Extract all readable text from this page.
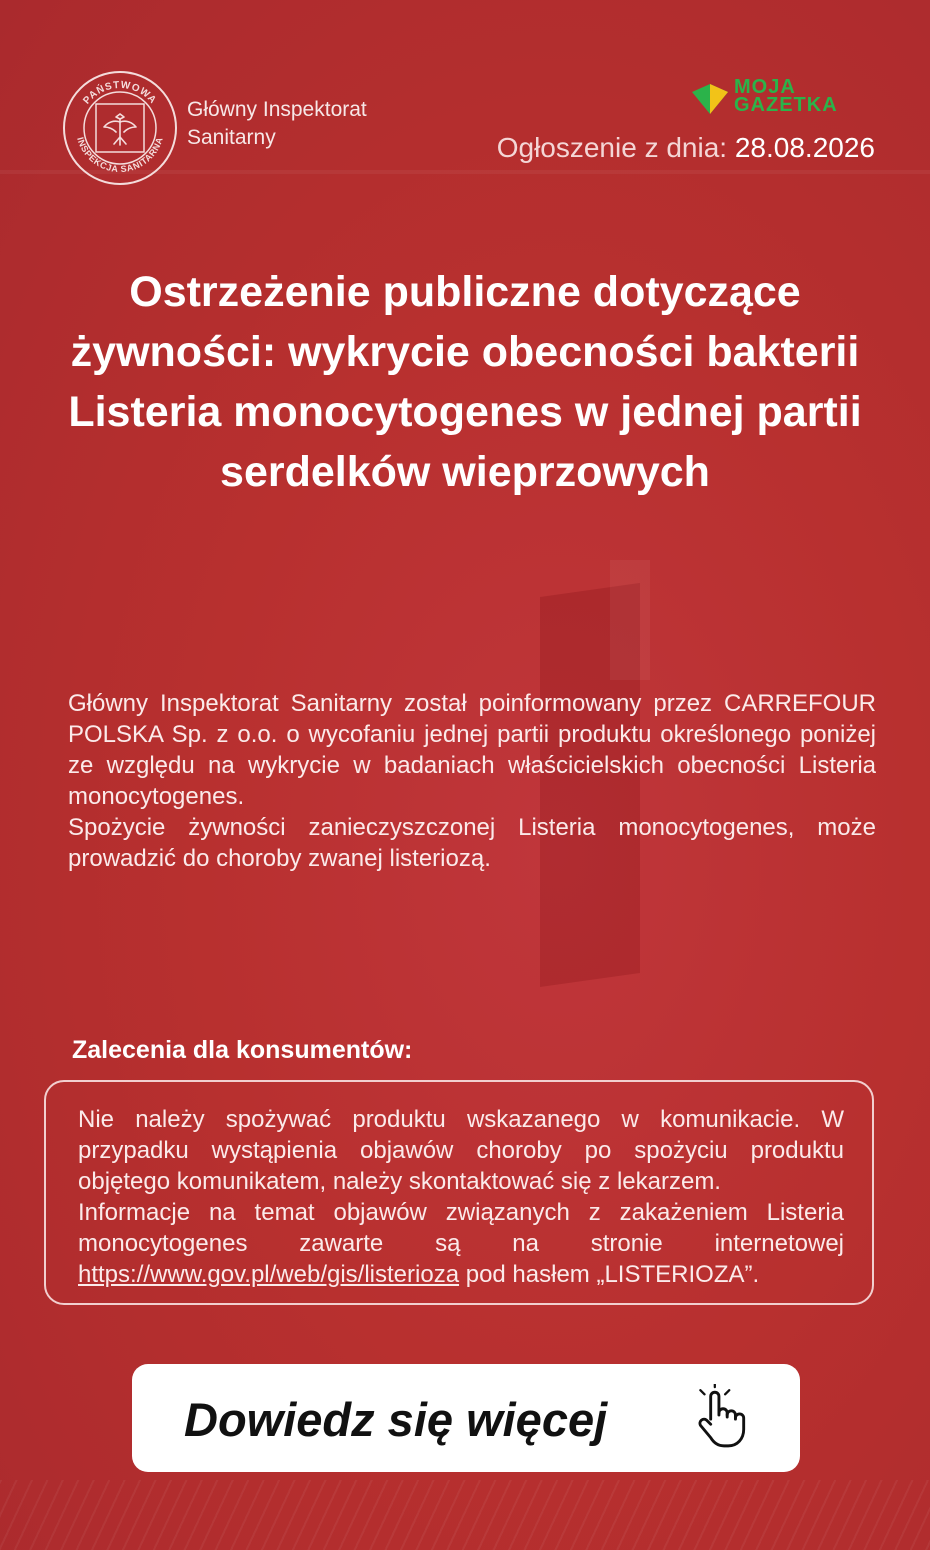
PAŃSTWOWA
INSPEKCJA SANITARNA
Główny Inspektorat
Sanitarny
MOJA
GAZETKA
Ogłoszenie z dnia: 28.08.2026
Ostrzeżenie publiczne dotyczące żywności: wykrycie obecności bakterii Listeria monocytogenes w jednej partii serdelków wieprzowych
Główny Inspektorat Sanitarny został poinformowany przez CARREFOUR POLSKA Sp. z o.o. o wycofaniu jednej partii produktu określonego poniżej ze względu na wykrycie w badaniach właścicielskich obecności Listeria monocytogenes.
Spożycie żywności zanieczyszczonej Listeria monocytogenes, może prowadzić do choroby zwanej listeriozą.
Zalecenia dla konsumentów:
Nie należy spożywać produktu wskazanego w komunikacie. W przypadku wystąpienia objawów choroby po spożyciu produktu objętego komunikatem, należy skontaktować się z lekarzem.
Informacje na temat objawów związanych z zakażeniem Listeria monocytogenes zawarte są na stronie internetowej https://www.gov.pl/web/gis/listerioza pod hasłem „LISTERIOZA”.
Dowiedz się więcej
